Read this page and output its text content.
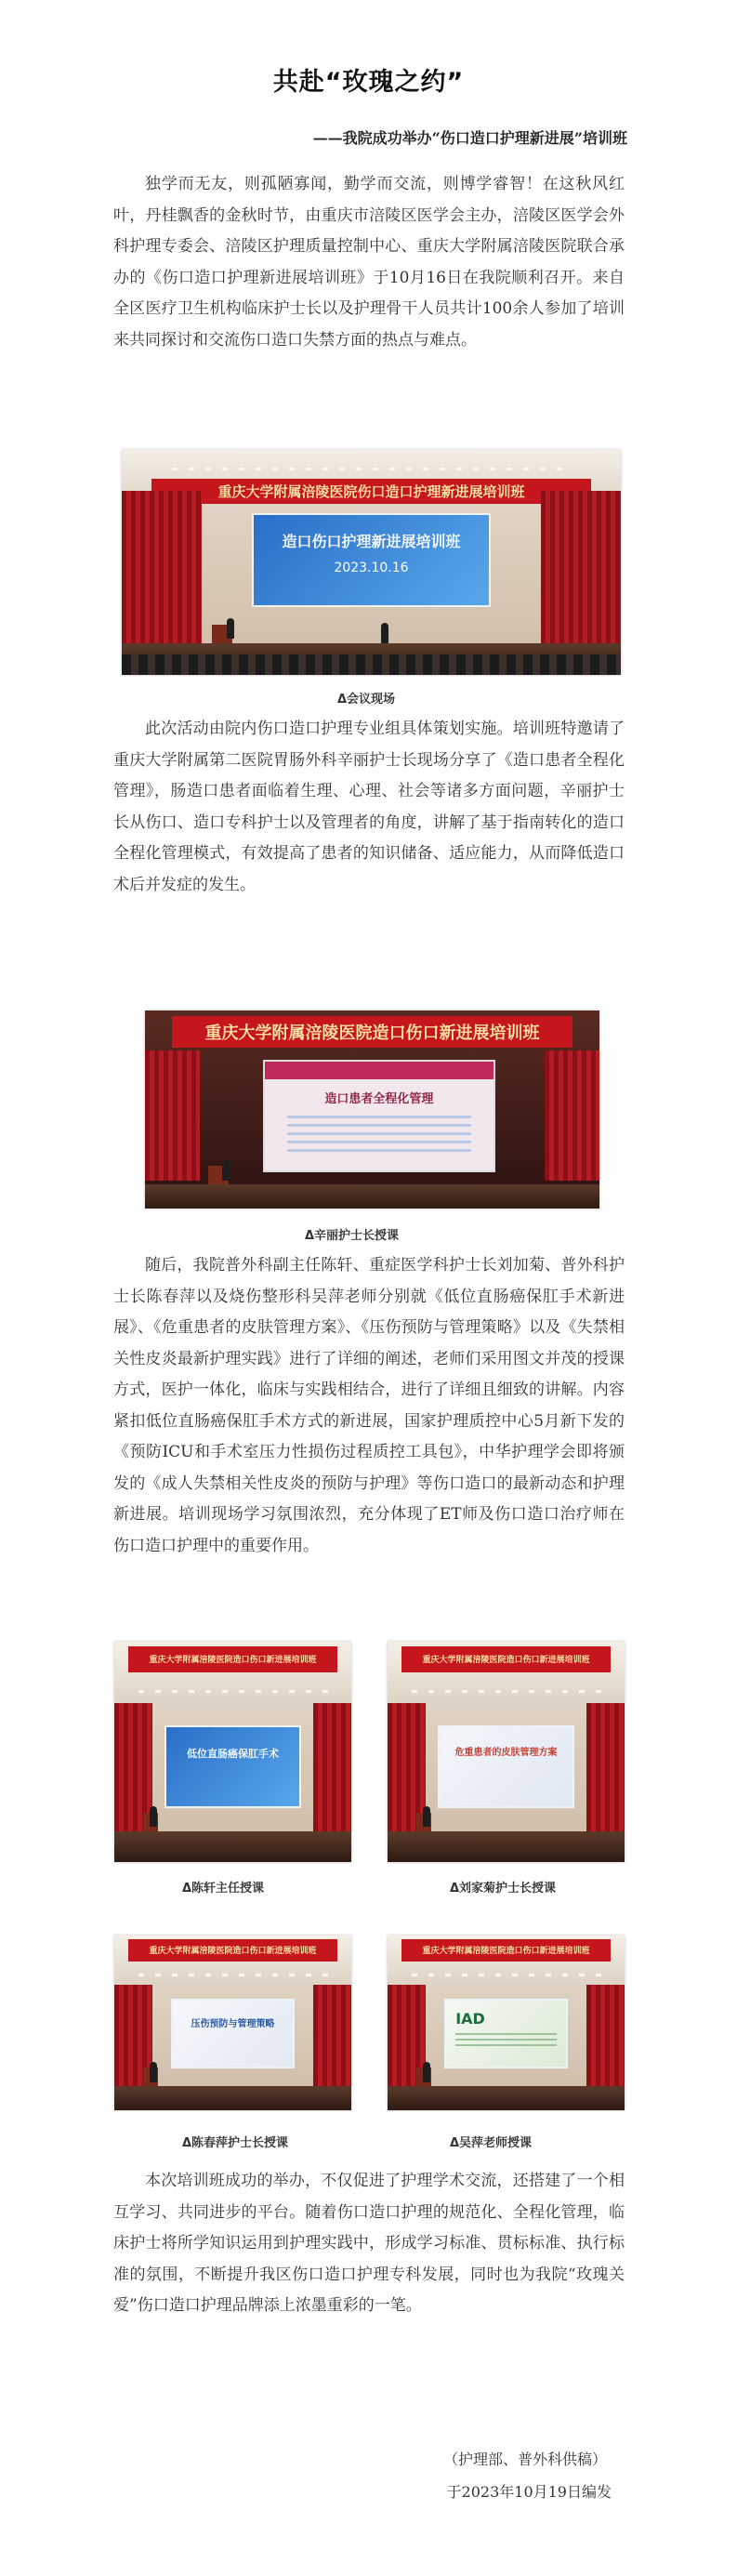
共赴“玫瑰之约”
——我院成功举办“伤口造口护理新进展”培训班

独学而无友，则孤陋寡闻，勤学而交流，则博学睿智！在这秋风红叶，丹桂飘香的金秋时节，由重庆市涪陵区医学会主办，涪陵区医学会外科护理专委会、涪陵区护理质量控制中心、重庆大学附属涪陵医院联合承办的《伤口造口护理新进展培训班》于10月16日在我院顺利召开。来自全区医疗卫生机构临床护士长以及护理骨干人员共计100余人参加了培训来共同探讨和交流伤口造口失禁方面的热点与难点。

重庆大学附属涪陵医院伤口造口护理新进展培训班
造口伤口护理新进展培训班
2023.10.16
Δ会议现场

此次活动由院内伤口造口护理专业组具体策划实施。培训班特邀请了重庆大学附属第二医院胃肠外科辛丽护士长现场分享了《造口患者全程化管理》，肠造口患者面临着生理、心理、社会等诸多方面问题，辛丽护士长从伤口、造口专科护士以及管理者的角度，讲解了基于指南转化的造口全程化管理模式，有效提高了患者的知识储备、适应能力，从而降低造口术后并发症的发生。

重庆大学附属涪陵医院造口伤口新进展培训班

造口患者全程化管理
Δ辛丽护士长授课

随后，我院普外科副主任陈轩、重症医学科护士长刘加菊、普外科护士长陈春萍以及烧伤整形科吴萍老师分别就《低位直肠癌保肛手术新进展》、《危重患者的皮肤管理方案》、《压伤预防与管理策略》以及《失禁相关性皮炎最新护理实践》进行了详细的阐述，老师们采用图文并茂的授课方式，医护一体化，临床与实践相结合，进行了详细且细致的讲解。内容紧扣低位直肠癌保肛手术方式的新进展，国家护理质控中心5月新下发的《预防ICU和手术室压力性损伤过程质控工具包》，中华护理学会即将颁发的《成人失禁相关性皮炎的预防与护理》等伤口造口的最新动态和护理新进展。培训现场学习氛围浓烈，充分体现了ET师及伤口造口治疗师在伤口造口护理中的重要作用。

重庆大学附属涪陵医院造口伤口新进展培训班
低位直肠癌保肛手术
Δ陈轩主任授课
重庆大学附属涪陵医院造口伤口新进展培训班
危重患者的皮肤管理方案
Δ刘家菊护士长授课
重庆大学附属涪陵医院造口伤口新进展培训班
压伤预防与管理策略
Δ陈春萍护士长授课
重庆大学附属涪陵医院造口伤口新进展培训班
IAD
Δ吴萍老师授课

本次培训班成功的举办，不仅促进了护理学术交流，还搭建了一个相互学习、共同进步的平台。随着伤口造口护理的规范化、全程化管理，临床护士将所学知识运用到护理实践中，形成学习标准、贯标标准、执行标准的氛围，不断提升我区伤口造口护理专科发展，同时也为我院“玫瑰关爱”伤口造口护理品牌添上浓墨重彩的一笔。

（护理部、普外科供稿）
于2023年10月19日编发
